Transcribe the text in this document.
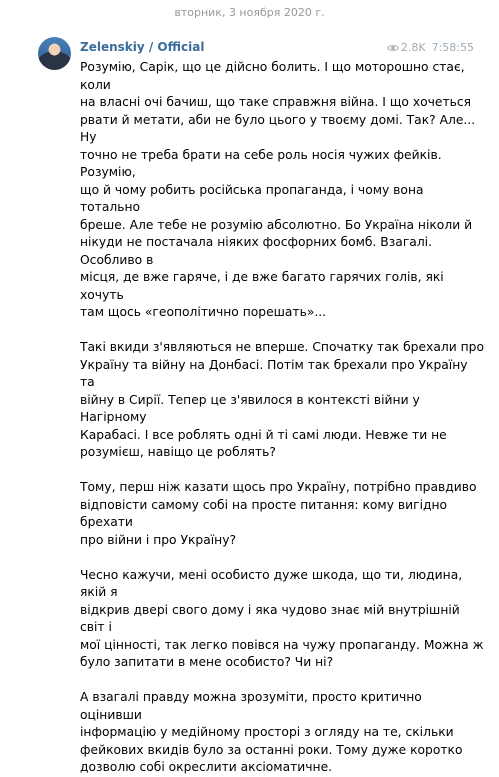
вторник, 3 ноября 2020 г.
Zelenskiy / Official	2.8K 7:58:55

Розумію, Сарік, що це дійсно болить. І що моторошно стає, коли
на власні очі бачиш, що таке справжня війна. І що хочеться
рвати й метати, аби не було цього у твоєму домі. Так? Але... Ну
точно не треба брати на себе роль носія чужих фейків. Розумію,
що й чому робить російська пропаганда, і чому вона тотально
бреше. Але тебе не розумію абсолютно. Бо Україна ніколи й
нікуди не постачала ніяких фосфорних бомб. Взагалі. Особливо в
місця, де вже гаряче, і де вже багато гарячих голів, які хочуть
там щось «геополітично порешать»...

Такі вкиди з'являються не вперше. Спочатку так брехали про
Україну та війну на Донбасі. Потім так брехали про Україну та
війну в Сирії. Тепер це з'явилося в контексті війни у Нагірному
Карабасі. І все роблять одні й ті самі люди. Невже ти не
розумієш, навіщо це роблять?

Тому, перш ніж казати щось про Україну, потрібно правдиво
відповісти самому собі на просте питання: кому вигідно брехати
про війни і про Україну?

Чесно кажучи, мені особисто дуже шкода, що ти, людина, якій я
відкрив двері свого дому і яка чудово знає мій внутрішній світ і
мої цінності, так легко повівся на чужу пропаганду. Можна ж
було запитати в мене особисто? Чи ні?

А взагалі правду можна зрозуміти, просто критично оцінивши
інформацію у медійному просторі з огляду на те, скільки
фейкових вкидів було за останні роки. Тому дуже коротко
дозволю собі окреслити аксіоматичне.
